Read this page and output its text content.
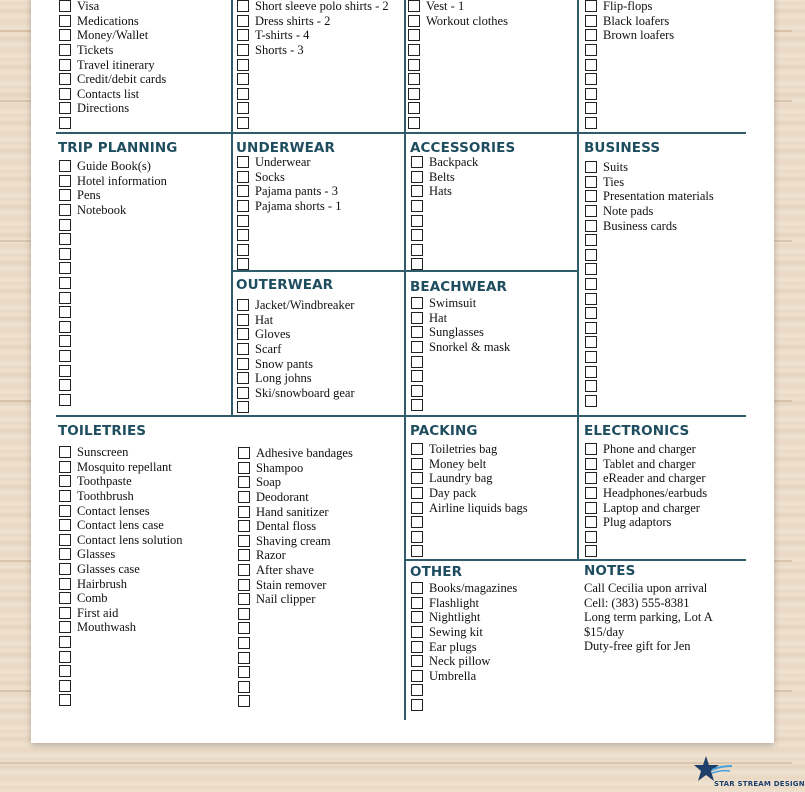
Visa
Medications
Money/Wallet
Tickets
Travel itinerary
Credit/debit cards
Contacts list
Directions
Short sleeve polo shirts - 2
Dress shirts - 2
T-shirts - 4
Shorts - 3
Vest - 1
Workout clothes
Flip-flops
Black loafers
Brown loafers
TRIP PLANNING
Guide Book(s)
Hotel information
Pens
Notebook
UNDERWEAR
Underwear
Socks
Pajama pants - 3
Pajama shorts - 1
ACCESSORIES
Backpack
Belts
Hats
BUSINESS
Suits
Ties
Presentation materials
Note pads
Business cards
OUTERWEAR
Jacket/Windbreaker
Hat
Gloves
Scarf
Snow pants
Long johns
Ski/snowboard gear
BEACHWEAR
Swimsuit
Hat
Sunglasses
Snorkel & mask
TOILETRIES
Sunscreen
Mosquito repellant
Toothpaste
Toothbrush
Contact lenses
Contact lens case
Contact lens solution
Glasses
Glasses case
Hairbrush
Comb
First aid
Mouthwash
Adhesive bandages
Shampoo
Soap
Deodorant
Hand sanitizer
Dental floss
Shaving cream
Razor
After shave
Stain remover
Nail clipper
PACKING
Toiletries bag
Money belt
Laundry bag
Day pack
Airline liquids bags
ELECTRONICS
Phone and charger
Tablet and charger
eReader and charger
Headphones/earbuds
Laptop and charger
Plug adaptors
OTHER
Books/magazines
Flashlight
Nightlight
Sewing kit
Ear plugs
Neck pillow
Umbrella
NOTES
Call Cecilia upon arrival
Cell: (383) 555-8381
Long term parking, Lot A
$15/day
Duty-free gift for Jen
STAR STREAM DESIGN
